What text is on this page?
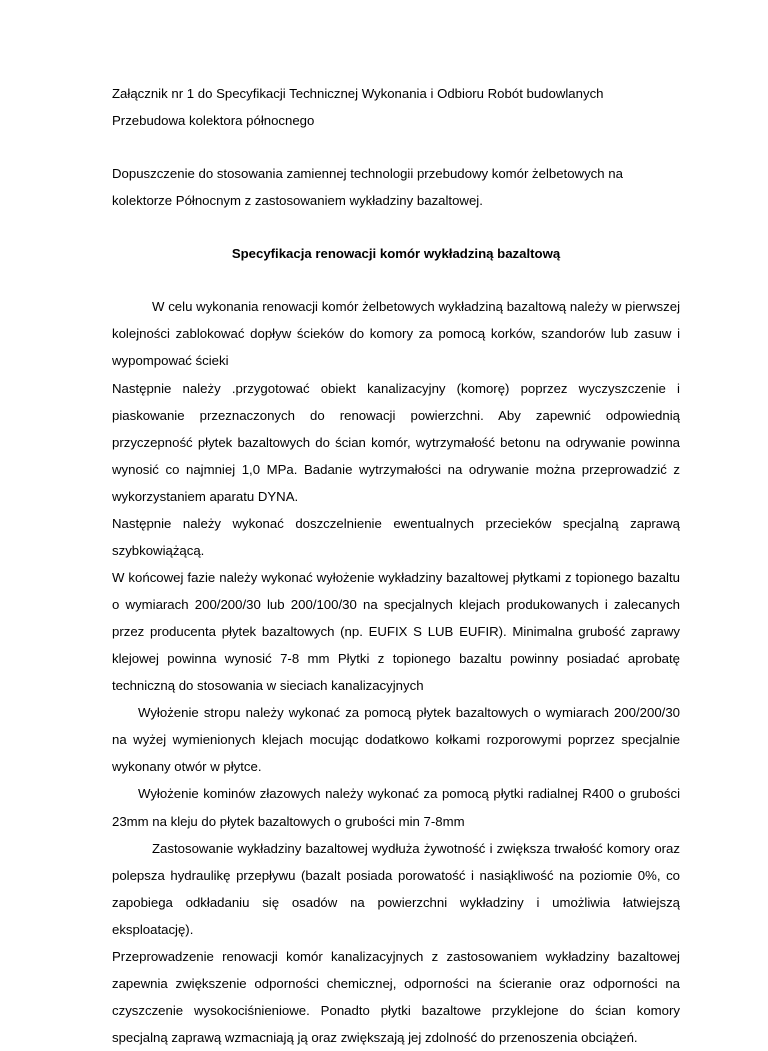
Załącznik nr 1 do Specyfikacji Technicznej Wykonania i Odbioru Robót budowlanych

Przebudowa kolektora północnego

Dopuszczenie do stosowania zamiennej technologii przebudowy komór żelbetowych na

kolektorze Północnym z zastosowaniem wykładziny bazaltowej.

Specyfikacja renowacji komór wykładziną bazaltową

W celu wykonania renowacji komór żelbetowych wykładziną bazaltową należy w pierwszej kolejności zablokować dopływ ścieków do komory za pomocą korków, szandorów lub zasuw i wypompować ścieki

Następnie należy .przygotować obiekt kanalizacyjny (komorę) poprzez wyczyszczenie i piaskowanie przeznaczonych do renowacji powierzchni. Aby zapewnić odpowiednią przyczepność płytek bazaltowych do ścian komór, wytrzymałość betonu na odrywanie powinna wynosić co najmniej 1,0 MPa. Badanie wytrzymałości na odrywanie można przeprowadzić z wykorzystaniem aparatu DYNA.

Następnie należy wykonać doszczelnienie ewentualnych przecieków specjalną zaprawą szybkowiążącą.

W końcowej fazie należy wykonać wyłożenie wykładziny bazaltowej płytkami z topionego bazaltu o wymiarach 200/200/30 lub 200/100/30 na specjalnych klejach produkowanych i zalecanych przez producenta płytek bazaltowych (np. EUFIX S LUB EUFIR). Minimalna grubość zaprawy klejowej powinna wynosić 7-8 mm Płytki z topionego bazaltu powinny posiadać aprobatę techniczną do stosowania w sieciach kanalizacyjnych

Wyłożenie stropu należy wykonać za pomocą płytek bazaltowych o wymiarach 200/200/30 na wyżej wymienionych klejach mocując dodatkowo kołkami rozporowymi poprzez specjalnie wykonany otwór w płytce.

Wyłożenie kominów złazowych należy wykonać za pomocą płytki radialnej R400 o grubości 23mm na kleju do płytek bazaltowych o grubości min 7-8mm

Zastosowanie wykładziny bazaltowej wydłuża żywotność i zwiększa trwałość komory oraz polepsza hydraulikę przepływu (bazalt posiada porowatość i nasiąkliwość na poziomie 0%, co zapobiega odkładaniu się osadów na powierzchni wykładziny i umożliwia łatwiejszą eksploatację).

Przeprowadzenie renowacji komór kanalizacyjnych z zastosowaniem wykładziny bazaltowej zapewnia zwiększenie odporności chemicznej, odporności na ścieranie oraz odporności na czyszczenie wysokociśnieniowe. Ponadto płytki bazaltowe przyklejone do ścian komory specjalną zaprawą wzmacniają ją oraz zwiększają jej zdolność do przenoszenia obciążeń.
